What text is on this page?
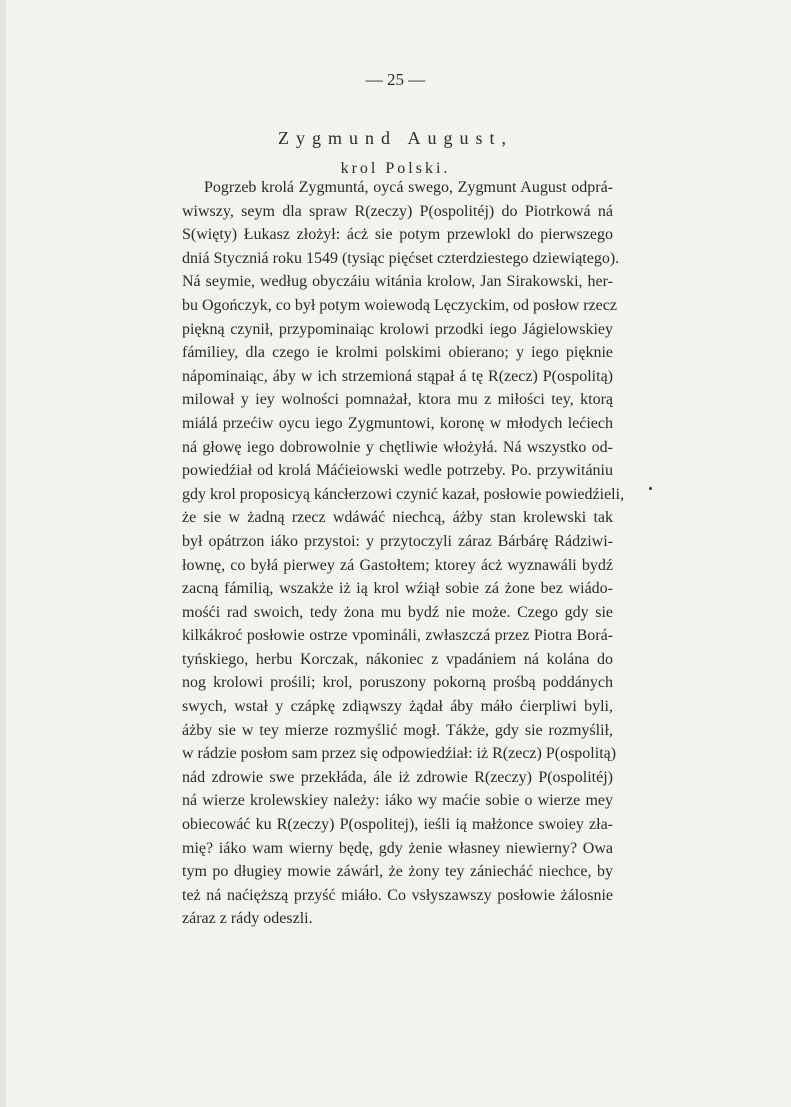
— 25 —
Zygmund August,
krol Polski.
Pogrzeb krolá Zygmuntá, oycá swego, Zygmunt August odprá-
wiwszy, seym dla spraw R(zeczy) P(ospolitéj) do Piotrkowá ná
S(więty) Łukasz złożył: ácż sie potym przewlokl do pierwszego
dniá Styczniá roku 1549 (tysiąc pięćset czterdziestego dziewiątego).
Ná seymie, według obyczáiu witánia krolow, Jan Sirakowski, her-
bu Ogończyk, co był potym woiewodą Lęczyckim, od posłow rzecz
piękną czynił, przypominaiąc krolowi przodki iego Jágielowskiey
fámiliey, dla czego ie krolmi polskimi obierano; y iego pięknie
nápominaiąc, áby w ich strzemioná stąpał á tę R(zecz) P(ospolitą)
milował y iey wolności pomnażał, ktora mu z miłości tey, ktorą
miálá przećiw oycu iego Zygmuntowi, koronę w młodych lećiech
ná głowę iego dobrowolnie y chętliwie włożyłá. Ná wszystko od-
powiedźiał od krolá Máćieiowski wedle potrzeby. Po. przywitániu
gdy krol proposicyą káncłerzowi czynić kazał, posłowie powiedźieli,
że sie w żadną rzecz wdáwáć niechcą, áżby stan krolewski tak
był opátrzon iáko przystoi: y przytoczyli záraz Bárbárę Rádziwi-
łownę, co byłá pierwey zá Gastołtem; ktorey ácż wyznawáli bydź
zacną fámilią, wszakże iż ią krol wźiął sobie zá żone bez wiádo-
mośći rad swoich, tedy żona mu bydź nie może. Czego gdy sie
kilkákroć posłowie ostrze vpomináli, zwłaszczá przez Piotra Borá-
tyńskiego, herbu Korczak, nákoniec z vpadániem ná kolána do
nog krolowi prośili; krol, poruszony pokorną prośbą poddánych
swych, wstał y czápkę zdiąwszy żądał áby máło ćierpliwi byli,
áżby sie w tey mierze rozmyślić mogł. Tákże, gdy sie rozmyślił,
w rádzie posłom sam przez się odpowiedźiał: iż R(zecz) P(ospolitą)
nád zdrowie swe przekłáda, ále iż zdrowie R(zeczy) P(ospolitéj)
ná wierze krolewskiey należy: iáko wy maćie sobie o wierze mey
obiecowáć ku R(zeczy) P(ospolitej), ieśli ią małżonce swoiey zła-
mię? iáko wam wierny będę, gdy żenie własney niewierny? Owa
tym po długiey mowie záwárl, że żony tey zániecháć niechce, by
też ná naćięższą przyść miáło. Co vsłyszawszy posłowie żálosnie
záraz z rády odeszli.
